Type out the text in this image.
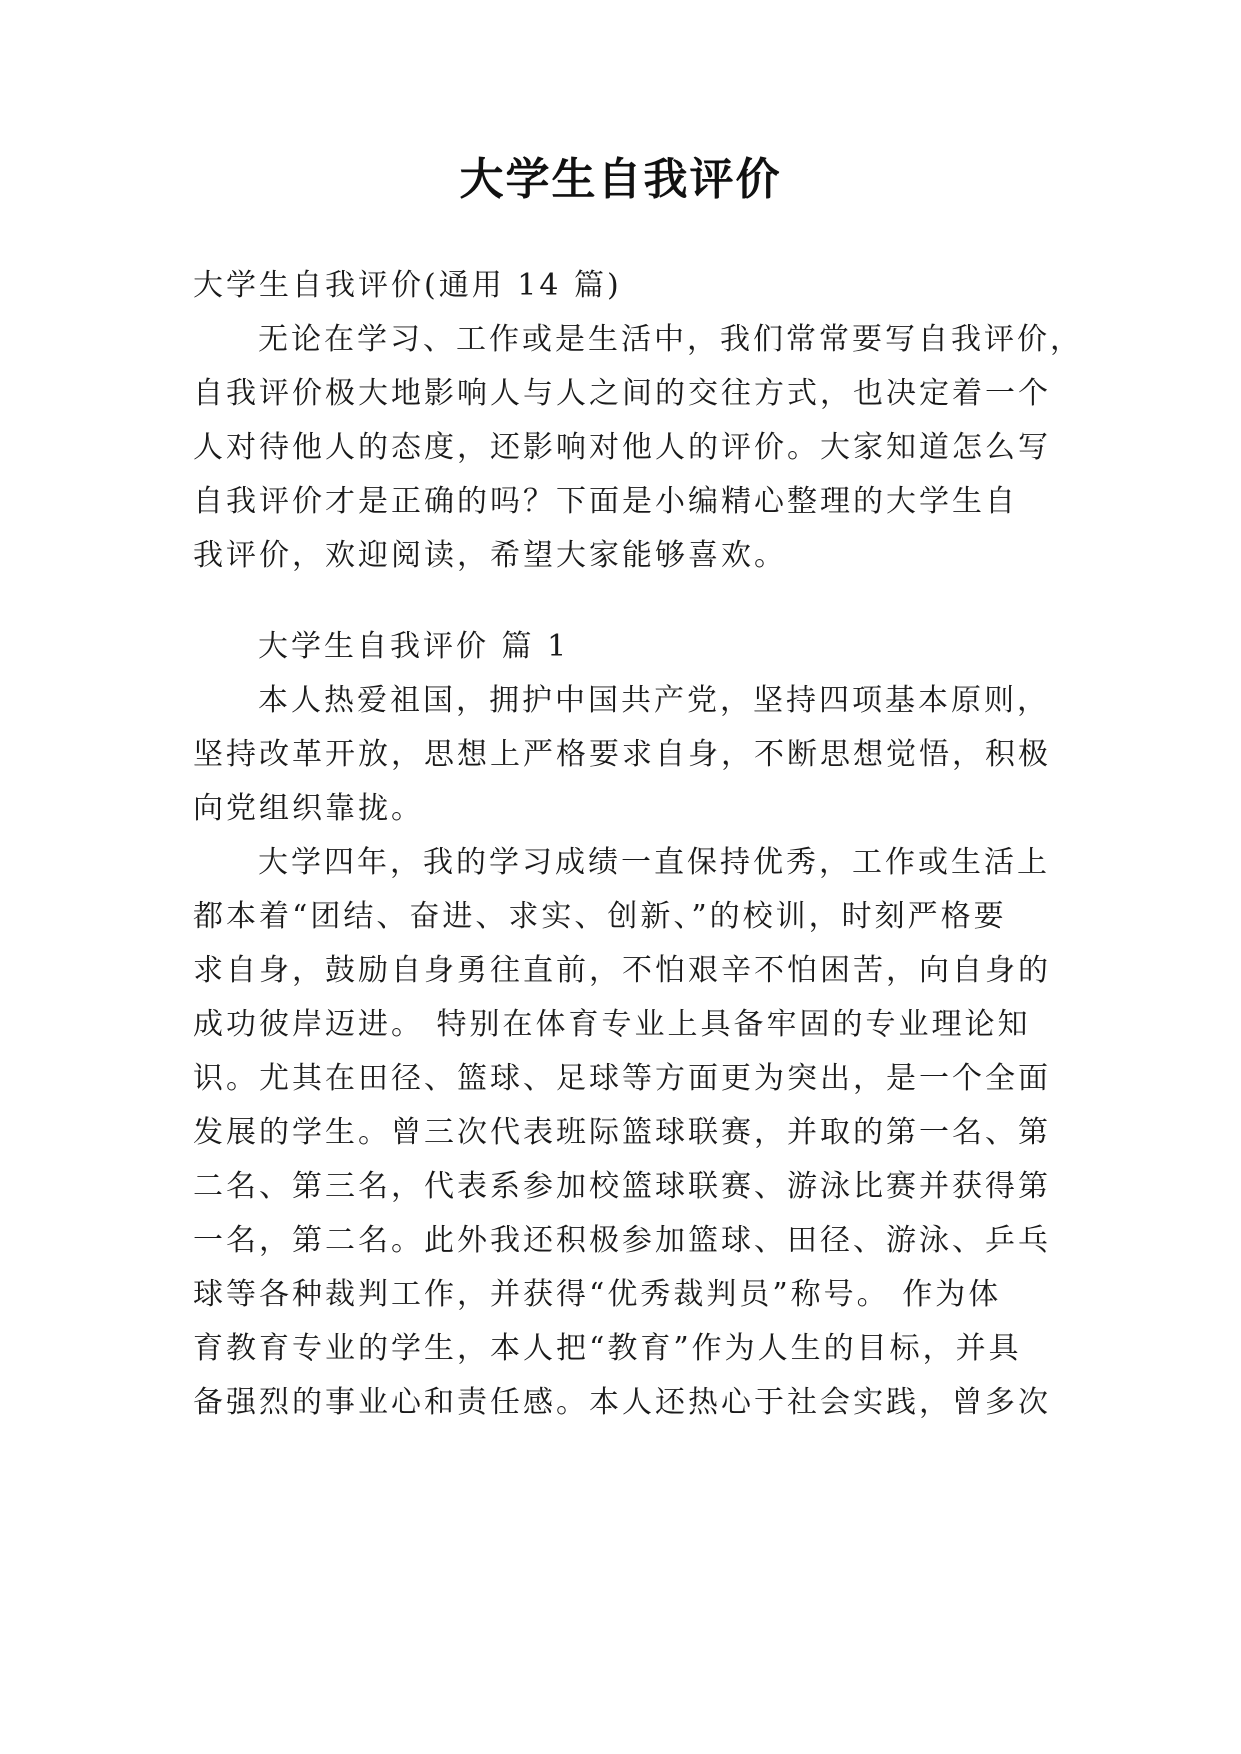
大学生自我评价
大学生自我评价(通用 14 篇)
无论在学习、工作或是生活中，我们常常要写自我评价，
自我评价极大地影响人与人之间的交往方式，也决定着一个
人对待他人的态度，还影响对他人的评价。大家知道怎么写
自我评价才是正确的吗？下面是小编精心整理的大学生自
我评价，欢迎阅读，希望大家能够喜欢。
大学生自我评价 篇 1
本人热爱祖国，拥护中国共产党，坚持四项基本原则，
坚持改革开放，思想上严格要求自身，不断思想觉悟，积极
向党组织靠拢。
大学四年，我的学习成绩一直保持优秀，工作或生活上
都本着“团结、奋进、求实、创新、”的校训，时刻严格要
求自身，鼓励自身勇往直前，不怕艰辛不怕困苦，向自身的
成功彼岸迈进。 特别在体育专业上具备牢固的专业理论知
识。尤其在田径、篮球、足球等方面更为突出，是一个全面
发展的学生。曾三次代表班际篮球联赛，并取的第一名、第
二名、第三名，代表系参加校篮球联赛、游泳比赛并获得第
一名，第二名。此外我还积极参加篮球、田径、游泳、乒乓
球等各种裁判工作，并获得“优秀裁判员”称号。 作为体
育教育专业的学生，本人把“教育”作为人生的目标，并具
备强烈的事业心和责任感。本人还热心于社会实践，曾多次
